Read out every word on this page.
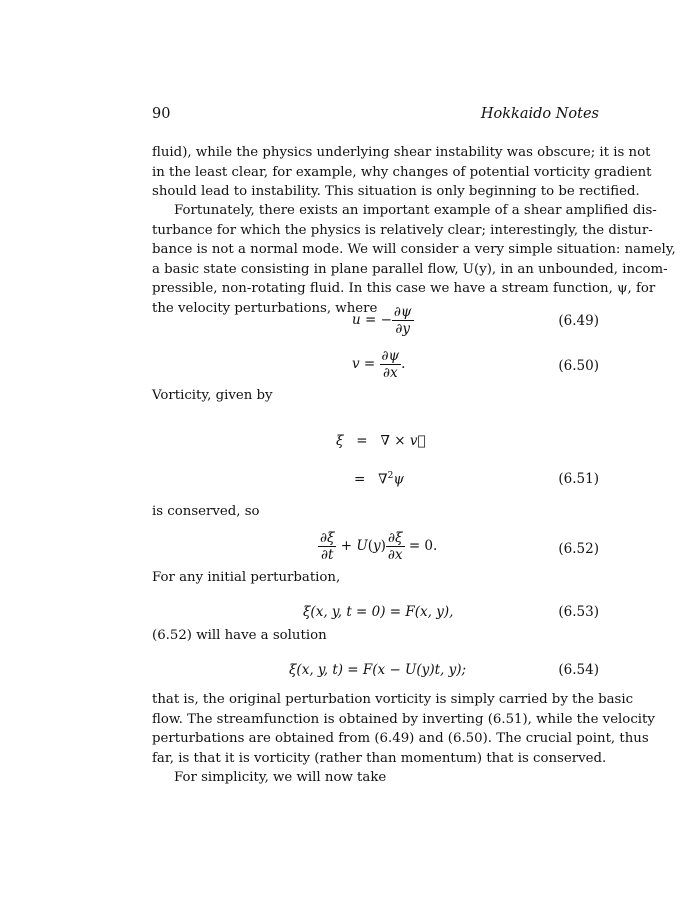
90	Hokkaido Notes
fluid), while the physics underlying shear instability was obscure; it is not
in the least clear, for example, why changes of potential vorticity gradient
should lead to instability. This situation is only beginning to be rectified.
Fortunately, there exists an important example of a shear amplified dis-
turbance for which the physics is relatively clear; interestingly, the distur-
bance is not a normal mode. We will consider a very simple situation: namely,
a basic state consisting in plane parallel flow, U(y), in an unbounded, incom-
pressible, non-rotating fluid. In this case we have a stream function, ψ, for
the velocity perturbations, where
u = − $\frac{\partial\psi}{\partial y}$	(6.49)
$v = \frac{\partial\psi}{\partial x}$ .	(6.50)
Vorticity, given by
ξ   =   ∇ × v⃗
=   ∇$^2$ψ	(6.51)
is conserved, so
$\frac{\partial\xi}{\partial t} + U(y) \frac{\partial\xi}{\partial x} = 0$.	(6.52)
For any initial perturbation,
ξ(x, y, t = 0) = F(x, y),	(6.53)
(6.52) will have a solution
ξ(x, y, t) = F(x − U(y)t, y);	(6.54)
that is, the original perturbation vorticity is simply carried by the basic
flow. The streamfunction is obtained by inverting (6.51), while the velocity
perturbations are obtained from (6.49) and (6.50). The crucial point, thus
far, is that it is vorticity (rather than momentum) that is conserved.
For simplicity, we will now take
